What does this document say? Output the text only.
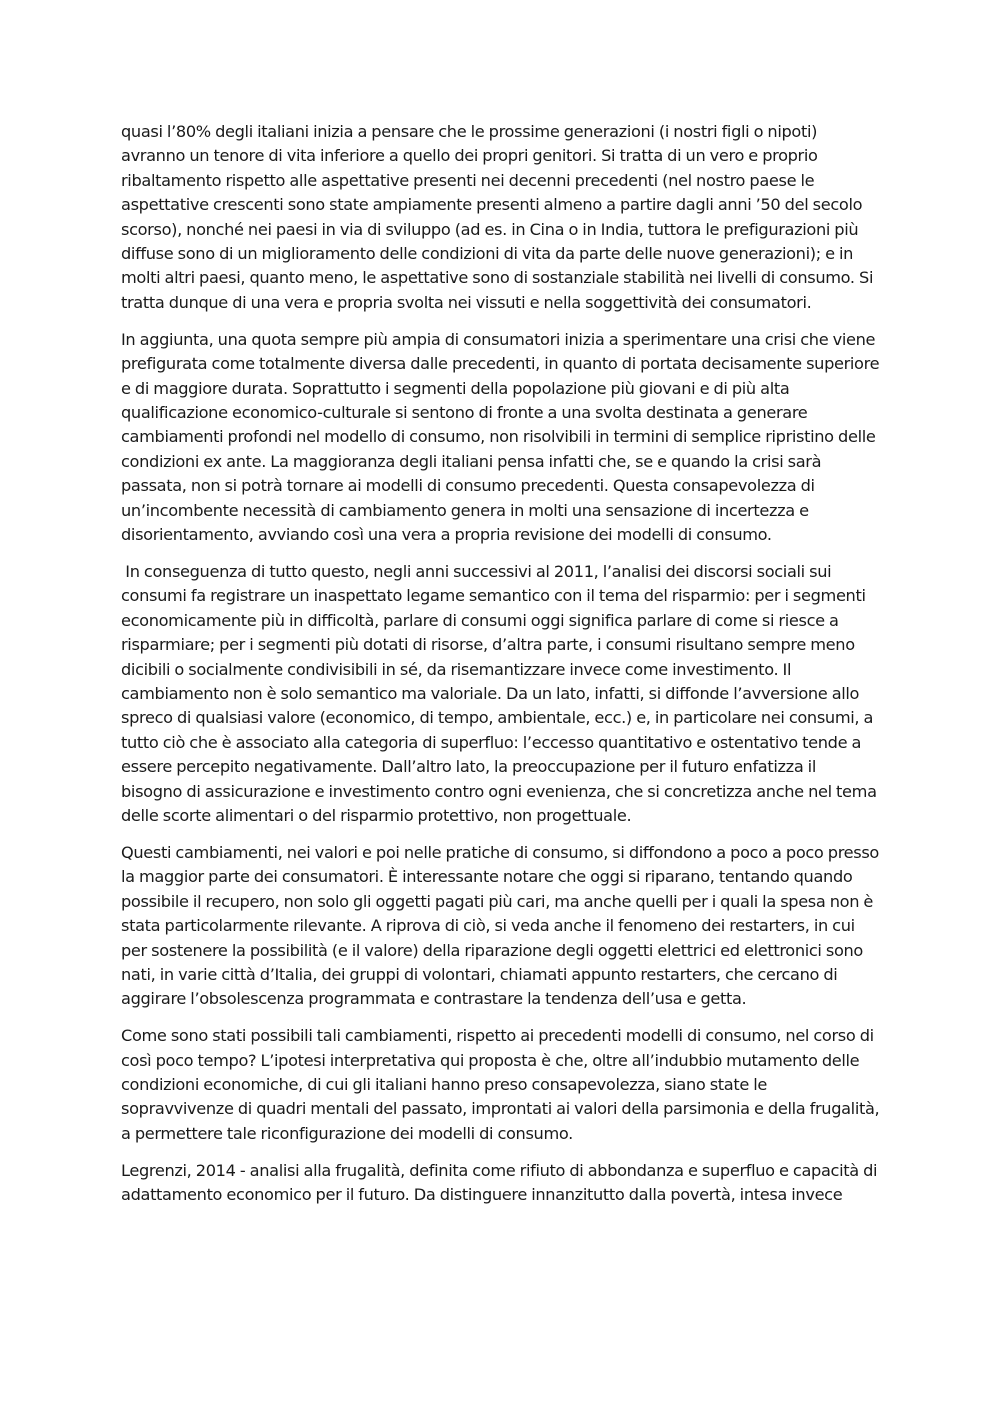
quasi l’80% degli italiani inizia a pensare che le prossime generazioni (i nostri figli o nipoti) avranno un tenore di vita inferiore a quello dei propri genitori. Si tratta di un vero e proprio ribaltamento rispetto alle aspettative presenti nei decenni precedenti (nel nostro paese le aspettative crescenti sono state ampiamente presenti almeno a partire dagli anni ’50 del secolo scorso), nonché nei paesi in via di sviluppo (ad es. in Cina o in India, tuttora le prefigurazioni più diffuse sono di un miglioramento delle condizioni di vita da parte delle nuove generazioni); e in molti altri paesi, quanto meno, le aspettative sono di sostanziale stabilità nei livelli di consumo. Si tratta dunque di una vera e propria svolta nei vissuti e nella soggettività dei consumatori.

In aggiunta, una quota sempre più ampia di consumatori inizia a sperimentare una crisi che viene prefigurata come totalmente diversa dalle precedenti, in quanto di portata decisamente superiore e di maggiore durata. Soprattutto i segmenti della popolazione più giovani e di più alta qualificazione economico-culturale si sentono di fronte a una svolta destinata a generare cambiamenti profondi nel modello di consumo, non risolvibili in termini di semplice ripristino delle condizioni ex ante. La maggioranza degli italiani pensa infatti che, se e quando la crisi sarà passata, non si potrà tornare ai modelli di consumo precedenti. Questa consapevolezza di un’incombente necessità di cambiamento genera in molti una sensazione di incertezza e disorientamento, avviando così una vera a propria revisione dei modelli di consumo.

In conseguenza di tutto questo, negli anni successivi al 2011, l’analisi dei discorsi sociali sui consumi fa registrare un inaspettato legame semantico con il tema del risparmio: per i segmenti economicamente più in difficoltà, parlare di consumi oggi significa parlare di come si riesce a risparmiare; per i segmenti più dotati di risorse, d’altra parte, i consumi risultano sempre meno dicibili o socialmente condivisibili in sé, da risemantizzare invece come investimento. Il cambiamento non è solo semantico ma valoriale. Da un lato, infatti, si diffonde l’avversione allo spreco di qualsiasi valore (economico, di tempo, ambientale, ecc.) e, in particolare nei consumi, a tutto ciò che è associato alla categoria di superfluo: l’eccesso quantitativo e ostentativo tende a essere percepito negativamente. Dall’altro lato, la preoccupazione per il futuro enfatizza il bisogno di assicurazione e investimento contro ogni evenienza, che si concretizza anche nel tema delle scorte alimentari o del risparmio protettivo, non progettuale.

Questi cambiamenti, nei valori e poi nelle pratiche di consumo, si diffondono a poco a poco presso la maggior parte dei consumatori. È interessante notare che oggi si riparano, tentando quando possibile il recupero, non solo gli oggetti pagati più cari, ma anche quelli per i quali la spesa non è stata particolarmente rilevante. A riprova di ciò, si veda anche il fenomeno dei restarters, in cui per sostenere la possibilità (e il valore) della riparazione degli oggetti elettrici ed elettronici sono nati, in varie città d’Italia, dei gruppi di volontari, chiamati appunto restarters, che cercano di aggirare l’obsolescenza programmata e contrastare la tendenza dell’usa e getta.

Come sono stati possibili tali cambiamenti, rispetto ai precedenti modelli di consumo, nel corso di così poco tempo? L’ipotesi interpretativa qui proposta è che, oltre all’indubbio mutamento delle condizioni economiche, di cui gli italiani hanno preso consapevolezza, siano state le sopravvivenze di quadri mentali del passato, improntati ai valori della parsimonia e della frugalità, a permettere tale riconfigurazione dei modelli di consumo.

Legrenzi, 2014 - analisi alla frugalità, definita come rifiuto di abbondanza e superfluo e capacità di adattamento economico per il futuro. Da distinguere innanzitutto dalla povertà, intesa invece
